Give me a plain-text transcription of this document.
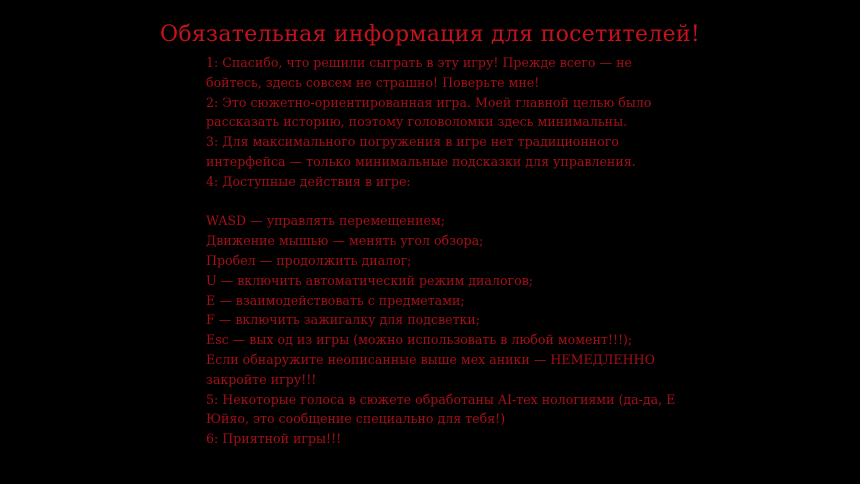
Обязательная информация для посетителей!

1: Спасибо, что решили сыграть в эту игру! Прежде всего — не бойтесь, здесь совсем не страшно! Поверьте мне!

2: Это сюжетно-ориентированная игра. Моей главной целью было рассказать историю, поэтому головоломки здесь минимальны.

3: Для максимального погружения в игре нет традиционного интерфейса — только минимальные подсказки для управления.

4: Доступные действия в игре:

WASD — управлять перемещением;

Движение мышью — менять угол обзора;

Пробел — продолжить диалог;

U — включить автоматический режим диалогов;

E — взаимодействовать с предметами;

F — включить зажигалку для подсветки;

Esc — вых од из игры (можно использовать в любой момент!!!);

Если обнаружите неописанные выше мех аники — НЕМЕДЛЕННО закройте игру!!!

5: Некоторые голоса в сюжете обработаны AI-тех нологиями (да-да, Е Юйяо, это сообщение специально для тебя!)

6: Приятной игры!!!
